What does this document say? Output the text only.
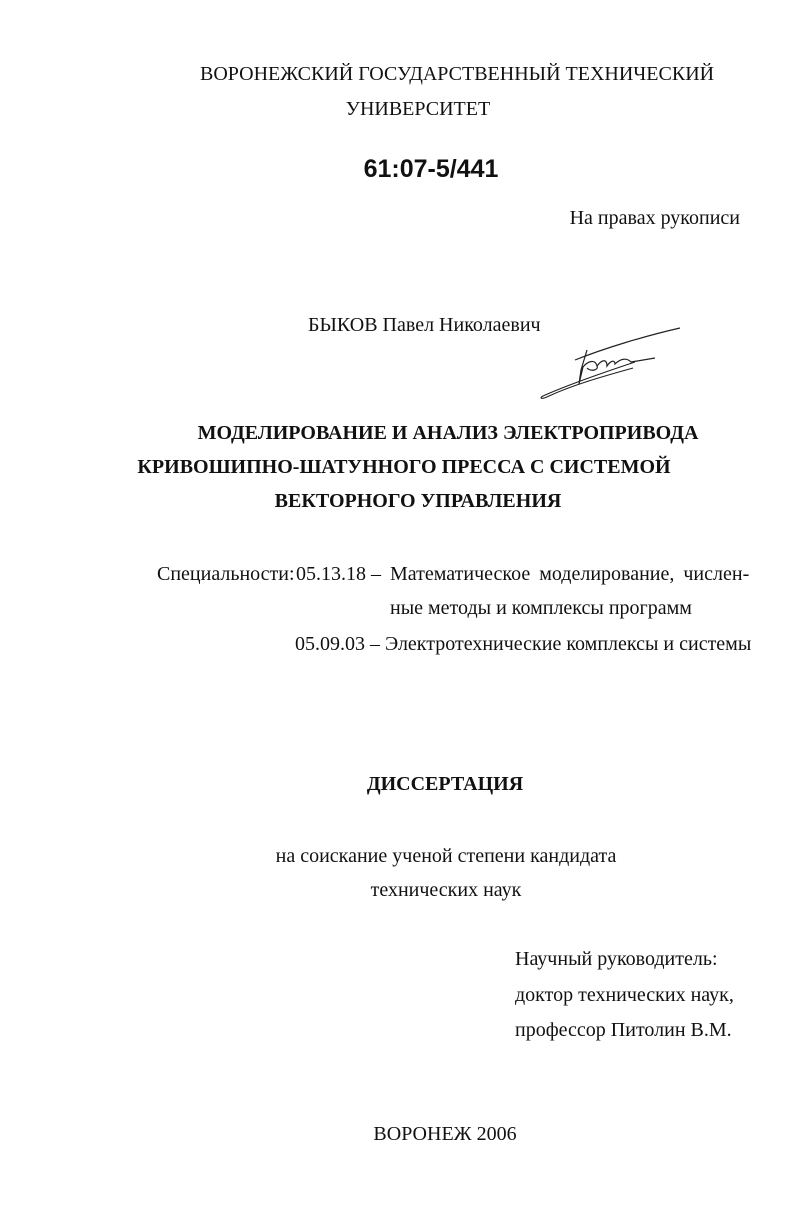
ВОРОНЕЖСКИЙ ГОСУДАРСТВЕННЫЙ ТЕХНИЧЕСКИЙ
УНИВЕРСИТЕТ
61:07-5/441
На правах рукописи
БЫКОВ Павел Николаевич
МОДЕЛИРОВАНИЕ И АНАЛИЗ ЭЛЕКТРОПРИВОДА
КРИВОШИПНО-ШАТУННОГО ПРЕССА С СИСТЕМОЙ
ВЕКТОРНОГО УПРАВЛЕНИЯ
Специальности: 05.13.18 – Математическое моделирование, числен-
ные методы и комплексы программ
05.09.03 – Электротехнические комплексы и системы
ДИССЕРТАЦИЯ
на соискание ученой степени кандидата
технических наук
Научный руководитель:
доктор технических наук,
профессор Питолин В.М.
ВОРОНЕЖ 2006
